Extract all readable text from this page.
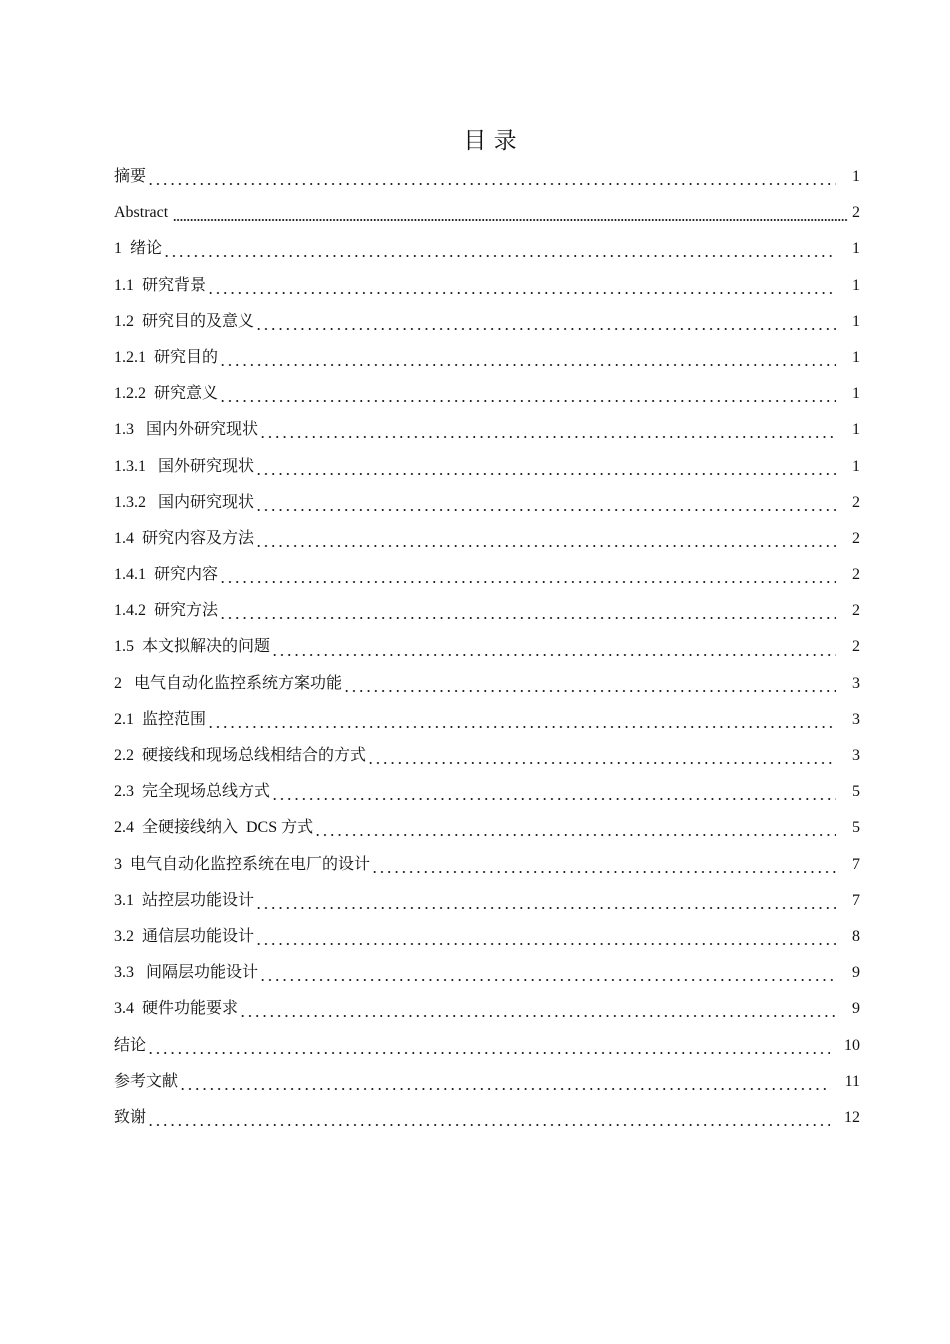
目 录
摘要	1
Abstract	2
1  绪论	1
1.1  研究背景	1
1.2  研究目的及意义	1
1.2.1  研究目的	1
1.2.2  研究意义	1
1.3   国内外研究现状	1
1.3.1   国外研究现状	1
1.3.2   国内研究现状	2
1.4  研究内容及方法	2
1.4.1  研究内容	2
1.4.2  研究方法	2
1.5  本文拟解决的问题	2
2   电气自动化监控系统方案功能	3
2.1  监控范围	3
2.2  硬接线和现场总线相结合的方式	3
2.3  完全现场总线方式	5
2.4  全硬接线纳入  DCS 方式	5
3  电气自动化监控系统在电厂的设计	7
3.1  站控层功能设计	7
3.2  通信层功能设计	8
3.3   间隔层功能设计	9
3.4  硬件功能要求	9
结论	10
参考文献	11
致谢	12
